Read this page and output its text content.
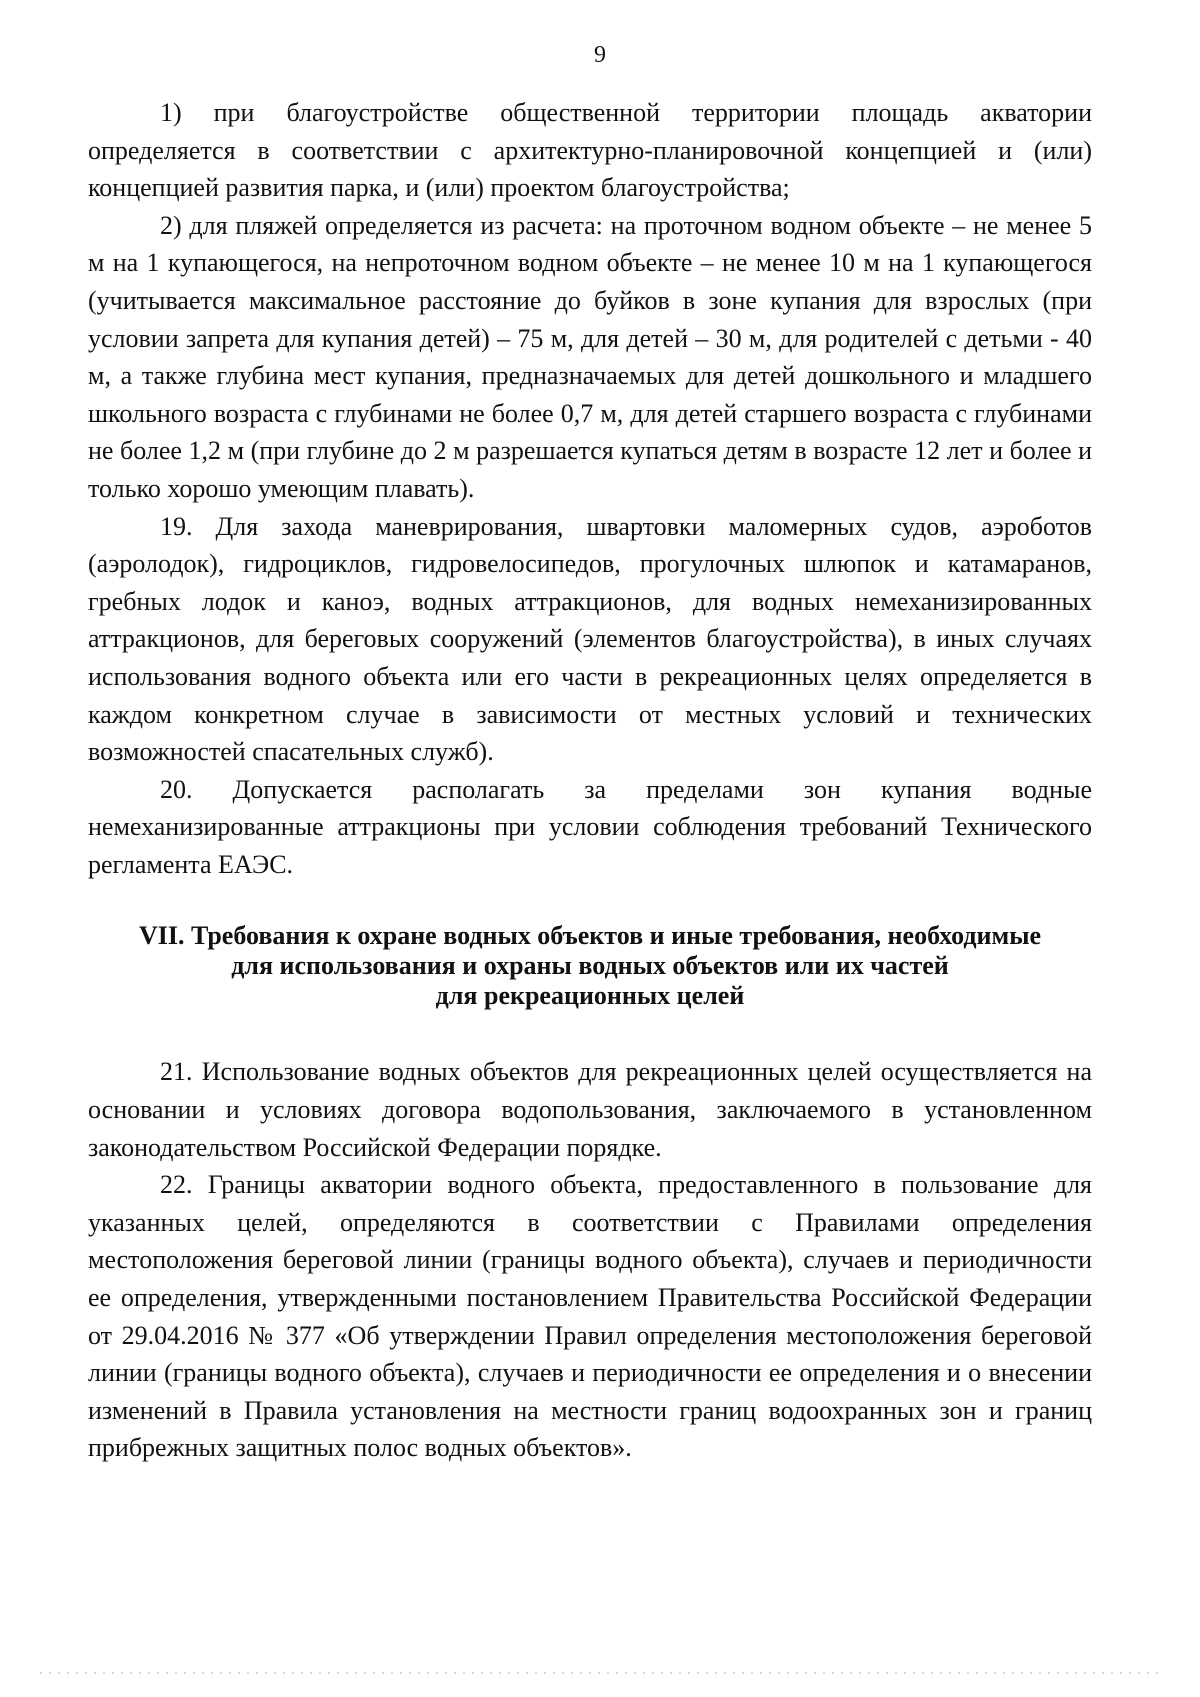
9

1) при благоустройстве общественной территории площадь акватории определяется в соответствии с архитектурно-планировочной концепцией и (или) концепцией развития парка, и (или) проектом благоустройства;

2) для пляжей определяется из расчета: на проточном водном объекте – не менее 5 м на 1 купающегося, на непроточном водном объекте – не менее 10 м на 1 купающегося (учитывается максимальное расстояние до буйков в зоне купания для взрослых (при условии запрета для купания детей) – 75 м, для детей – 30 м, для родителей с детьми - 40 м, а также глубина мест купания, предназначаемых для детей дошкольного и младшего школьного возраста с глубинами не более 0,7 м, для детей старшего возраста с глубинами не более 1,2 м (при глубине до 2 м разрешается купаться детям в возрасте 12 лет и более и только хорошо умеющим плавать).

19. Для захода маневрирования, швартовки маломерных судов, аэроботов (аэролодок), гидроциклов, гидровелосипедов, прогулочных шлюпок и катамаранов, гребных лодок и каноэ, водных аттракционов, для водных немеханизированных аттракционов, для береговых сооружений (элементов благоустройства), в иных случаях использования водного объекта или его части в рекреационных целях определяется в каждом конкретном случае в зависимости от местных условий и технических возможностей спасательных служб).

20. Допускается располагать за пределами зон купания водные немеханизированные аттракционы при условии соблюдения требований Технического регламента ЕАЭС.

VII. Требования к охране водных объектов и иные требования, необходимые
для использования и охраны водных объектов или их частей
для рекреационных целей

21. Использование водных объектов для рекреационных целей осуществляется на основании и условиях договора водопользования, заключаемого в установленном законодательством Российской Федерации порядке.

22. Границы акватории водного объекта, предоставленного в пользование для указанных целей, определяются в соответствии с Правилами определения местоположения береговой линии (границы водного объекта), случаев и периодичности ее определения, утвержденными постановлением Правительства Российской Федерации от 29.04.2016 № 377 «Об утверждении Правил определения местоположения береговой линии (границы водного объекта), случаев и периодичности ее определения и о внесении изменений в Правила установления на местности границ водоохранных зон и границ прибрежных защитных полос водных объектов».
